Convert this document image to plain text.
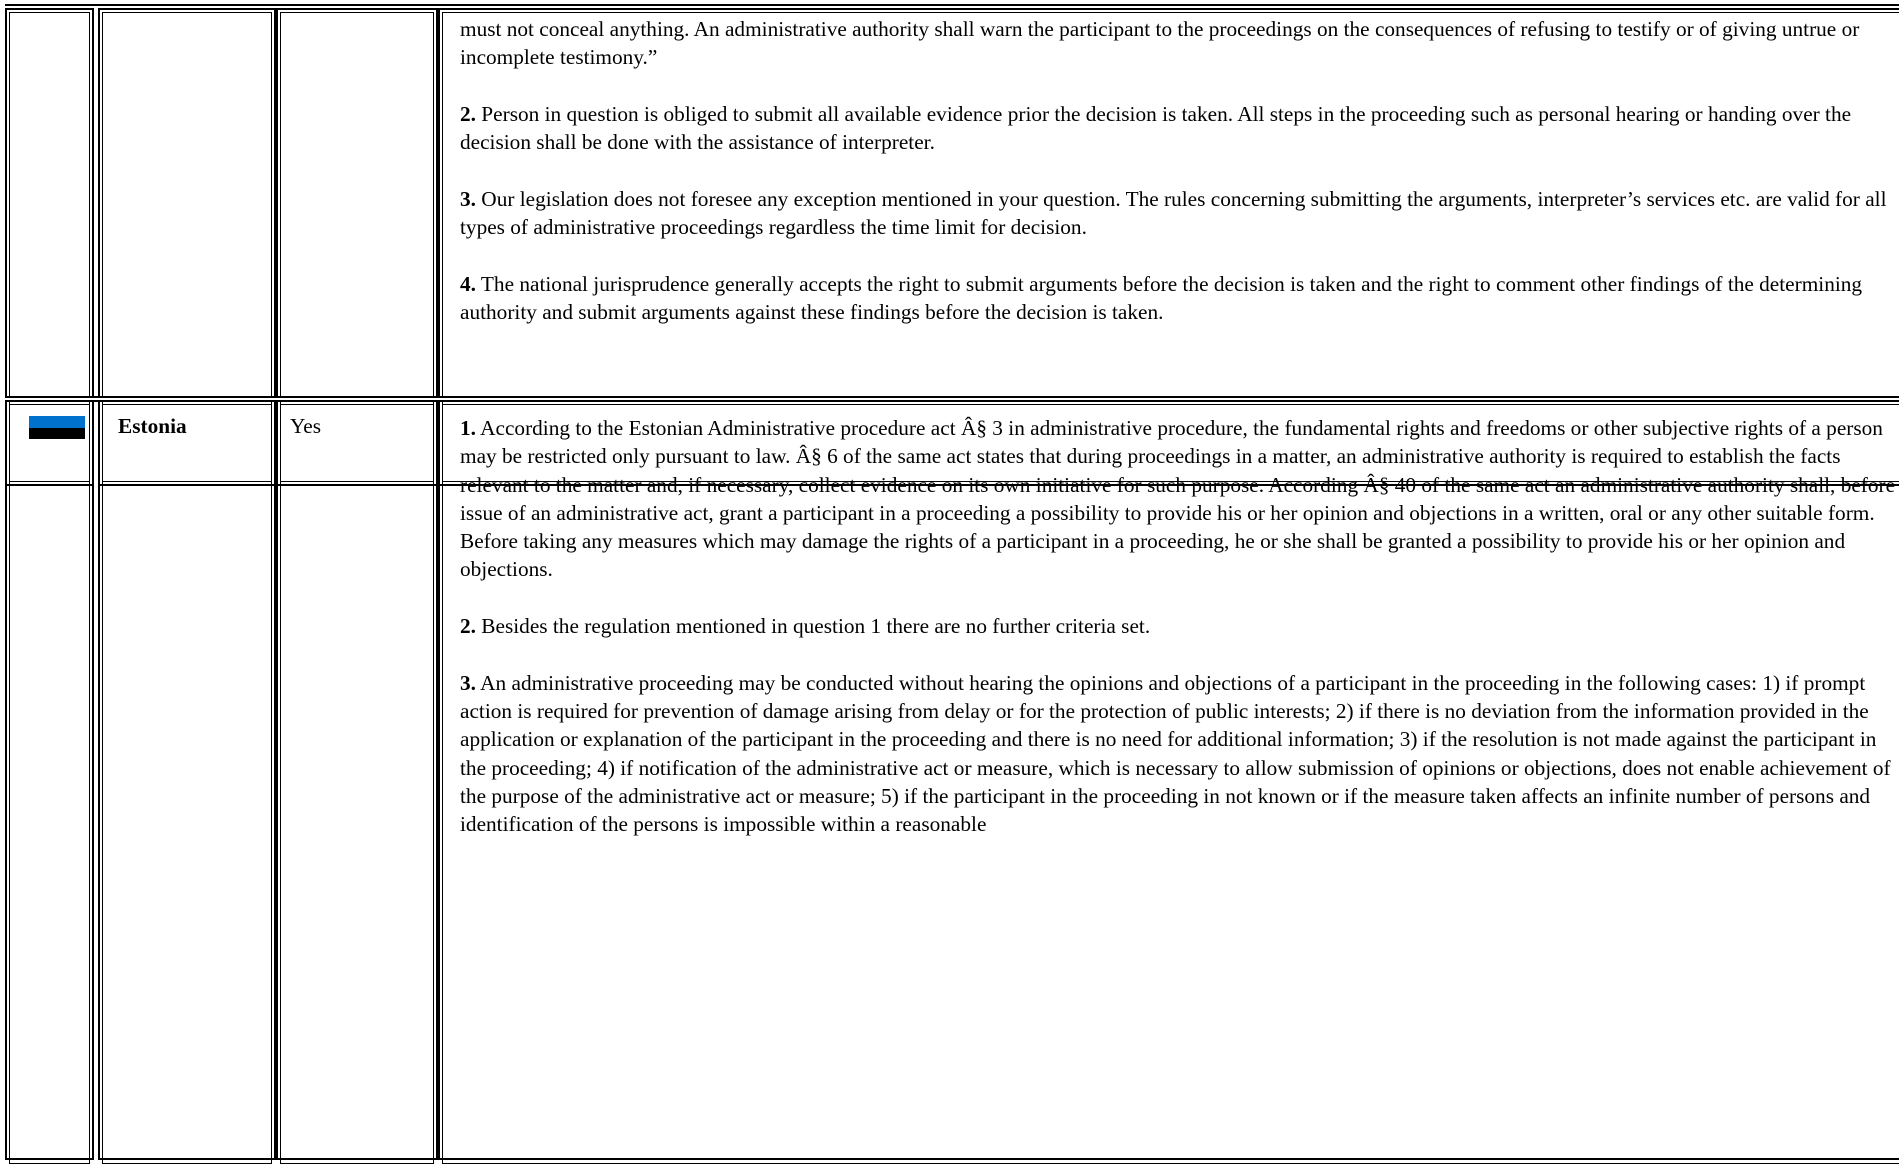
must not conceal anything. An administrative authority shall warn the participant to the proceedings on the consequences of refusing to testify or of giving untrue or incomplete testimony.”

2. Person in question is obliged to submit all available evidence prior the decision is taken. All steps in the proceeding such as personal hearing or handing over the decision shall be done with the assistance of interpreter.

3. Our legislation does not foresee any exception mentioned in your question. The rules concerning submitting the arguments, interpreter’s services etc. are valid for all types of administrative proceedings regardless the time limit for decision.

4. The national jurisprudence generally accepts the right to submit arguments before the decision is taken and the right to comment other findings of the determining authority and submit arguments against these findings before the decision is taken.

Estonia	Yes	1. According to the Estonian Administrative procedure act Â§ 3 in administrative procedure, the fundamental rights and freedoms or other subjective rights of a person may be restricted only pursuant to law. Â§ 6 of the same act states that during proceedings in a matter, an administrative authority is required to establish the facts relevant to the matter and, if necessary, collect evidence on its own initiative for such purpose. According Â§ 40 of the same act an administrative authority shall, before issue of an administrative act, grant a participant in a proceeding a possibility to provide his or her opinion and objections in a written, oral or any other suitable form. Before taking any measures which may damage the rights of a participant in a proceeding, he or she shall be granted a possibility to provide his or her opinion and objections.

2. Besides the regulation mentioned in question 1 there are no further criteria set.

3. An administrative proceeding may be conducted without hearing the opinions and objections of a participant in the proceeding in the following cases: 1) if prompt action is required for prevention of damage arising from delay or for the protection of public interests; 2) if there is no deviation from the information provided in the application or explanation of the participant in the proceeding and there is no need for additional information; 3) if the resolution is not made against the participant in the proceeding; 4) if notification of the administrative act or measure, which is necessary to allow submission of opinions or objections, does not enable achievement of the purpose of the administrative act or measure; 5) if the participant in the proceeding in not known or if the measure taken affects an infinite number of persons and identification of the persons is impossible within a reasonable
